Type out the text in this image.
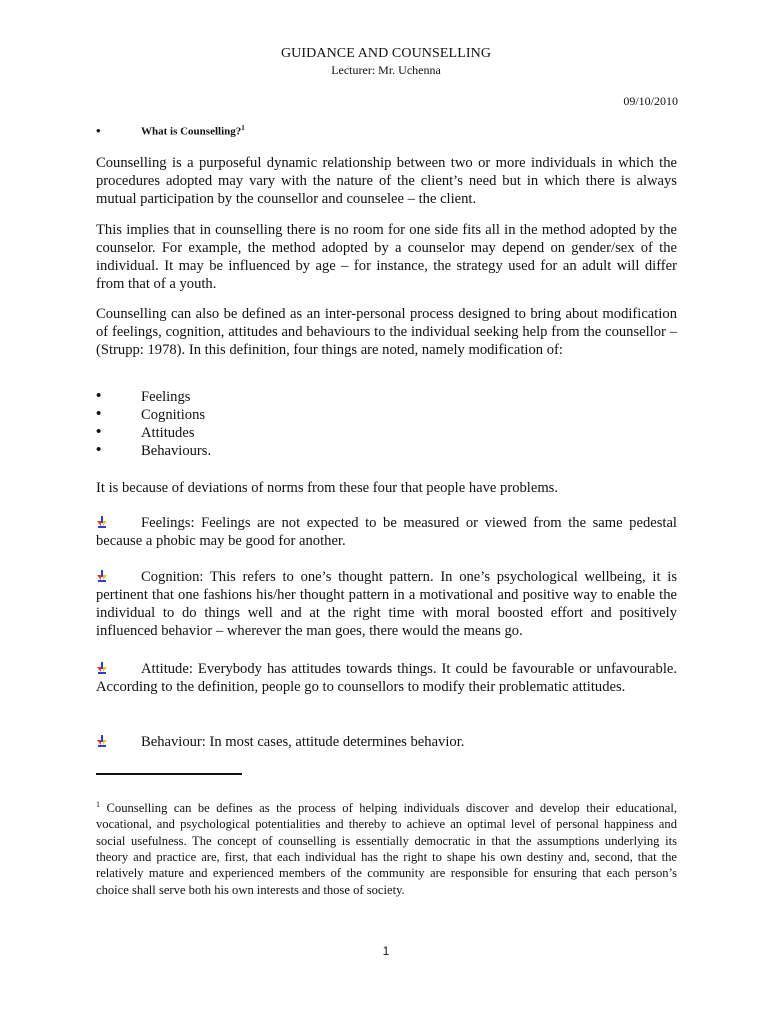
GUIDANCE AND COUNSELLING
Lecturer: Mr. Uchenna
09/10/2010
•	What is Counselling?$^1$

Counselling is a purposeful dynamic relationship between two or more individuals in which the procedures adopted may vary with the nature of the client’s need but in which there is always mutual participation by the counsellor and counselee – the client.

This implies that in counselling there is no room for one side fits all in the method adopted by the counselor. For example, the method adopted by a counselor may depend on gender/sex of the individual. It may be influenced by age – for instance, the strategy used for an adult will differ from that of a youth.

Counselling can also be defined as an inter-personal process designed to bring about modification of feelings, cognition, attitudes and behaviours to the individual seeking help from the counsellor – (Strupp: 1978). In this definition, four things are noted, namely modification of:

•	Feelings
•	Cognitions
•	Attitudes
•	Behaviours.

It is because of deviations of norms from these four that people have problems.

Feelings: Feelings are not expected to be measured or viewed from the same pedestal because a phobic may be good for another.

Cognition: This refers to one’s thought pattern. In one’s psychological wellbeing, it is pertinent that one fashions his/her thought pattern in a motivational and positive way to enable the individual to do things well and at the right time with moral boosted effort and positively influenced behavior – wherever the man goes, there would the means go.

Attitude: Everybody has attitudes towards things. It could be favourable or unfavourable. According to the definition, people go to counsellors to modify their problematic attitudes.

Behaviour: In most cases, attitude determines behavior.

$^1$ Counselling can be defines as the process of helping individuals discover and develop their educational, vocational, and psychological potentialities and thereby to achieve an optimal level of personal happiness and social usefulness. The concept of counselling is essentially democratic in that the assumptions underlying its theory and practice are, first, that each individual has the right to shape his own destiny and, second, that the relatively mature and experienced members of the community are responsible for ensuring that each person’s choice shall serve both his own interests and those of society.

1
